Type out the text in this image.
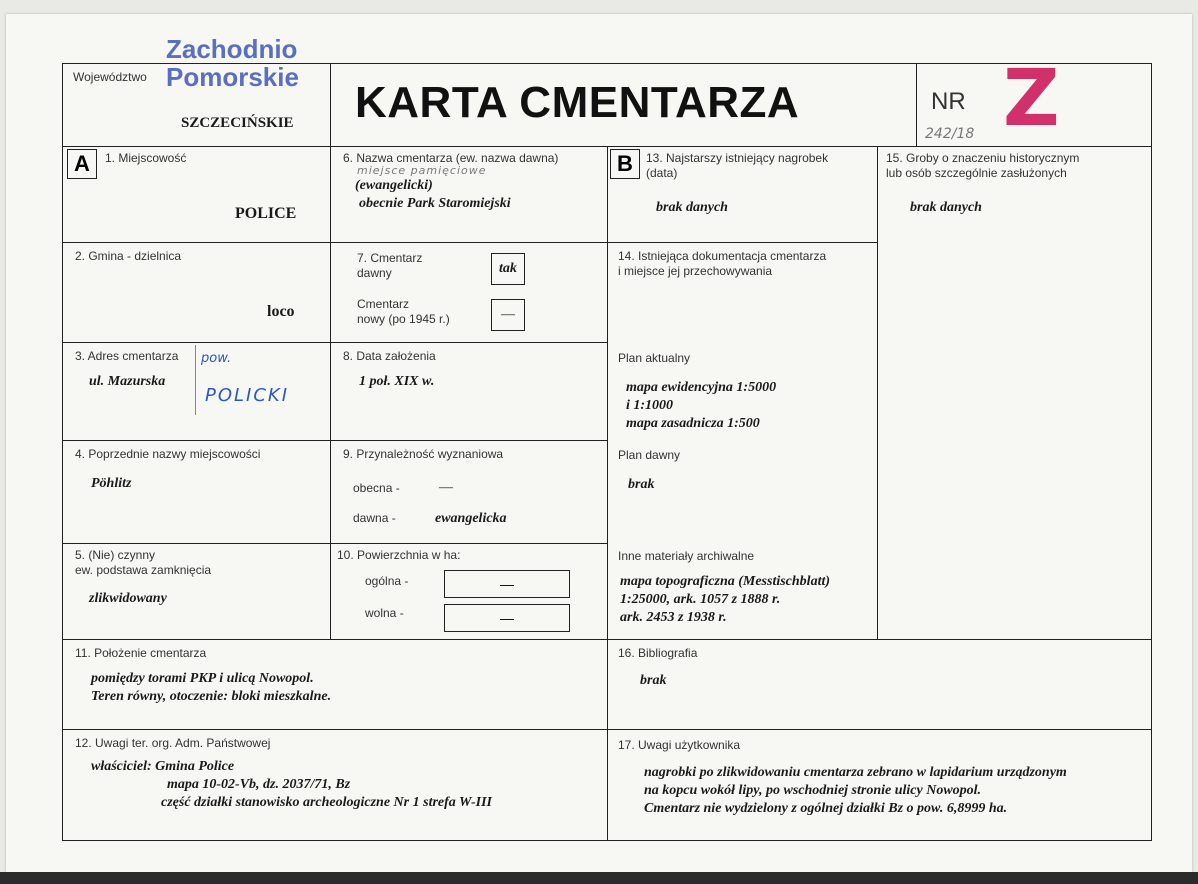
Zachodnio
Pomorskie
Województwo
SZCZECIŃSKIE KARTA CMENTARZA	NR Z
242/18
A	1. Miejscowość
POLICE
2. Gmina - dzielnica
loco
3. Adres cmentarza
ul. Mazurska
pow.
POLICKI
4. Poprzednie nazwy miejscowości
Pöhlitz
5. (Nie) czynny
ew. podstawa zamknięcia
zlikwidowany
6. Nazwa cmentarza (ew. nazwa dawna)
miejsce pamięciowe
(ewangelicki)
obecnie Park Staromiejski
7. Cmentarz
dawny	tak
Cmentarz
nowy (po 1945 r.)	—
8. Data założenia
1 poł. XIX w.
9. Przynależność wyznaniowa
obecna -	—
dawna -	ewangelicka
10. Powierzchnia w ha:
ogólna -	—
wolna -	—
B	13. Najstarszy istniejący nagrobek
(data)
brak danych
14. Istniejąca dokumentacja cmentarza
i miejsce jej przechowywania
Plan aktualny
mapa ewidencyjna 1:5000
i 1:1000
mapa zasadnicza 1:500
Plan dawny
brak
Inne materiały archiwalne
mapa topograficzna (Messtischblatt)
1:25000, ark. 1057 z 1888 r.
ark. 2453 z 1938 r.
15. Groby o znaczeniu historycznym
lub osób szczególnie zasłużonych
brak danych
11. Położenie cmentarza
pomiędzy torami PKP i ulicą Nowopol.
Teren równy, otoczenie: bloki mieszkalne.
16. Bibliografia
brak
12. Uwagi ter. org. Adm. Państwowej
właściciel: Gmina Police
mapa 10-02-Vb, dz. 2037/71, Bz
część działki stanowisko archeologiczne Nr 1 strefa W-III
17. Uwagi użytkownika
nagrobki po zlikwidowaniu cmentarza zebrano w lapidarium urządzonym
na kopcu wokół lipy, po wschodniej stronie ulicy Nowopol.
Cmentarz nie wydzielony z ogólnej działki Bz o pow. 6,8999 ha.
